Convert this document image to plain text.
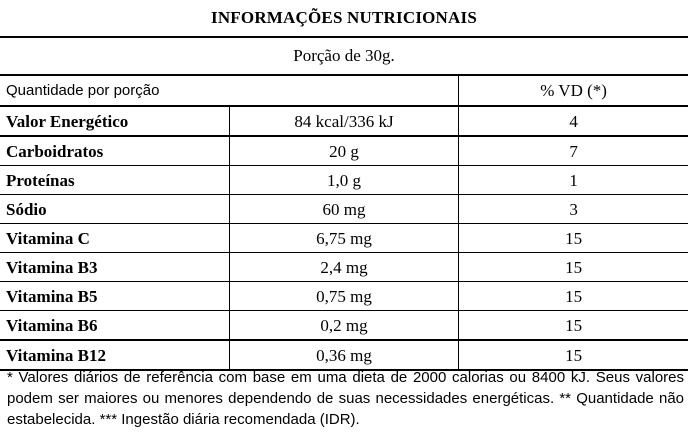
INFORMAÇÕES NUTRICIONAIS
Porção de 30g.
Quantidade por porção		% VD (*)
Valor Energético	84 kcal/336 kJ	4
Carboidratos	20 g	7
Proteínas	1,0 g	1
Sódio	60 mg	3
Vitamina C	6,75 mg	15
Vitamina B3	2,4 mg	15
Vitamina B5	0,75 mg	15
Vitamina B6	0,2 mg	15
Vitamina B12	0,36 mg	15
* Valores diários de referência com base em uma dieta de 2000 calorias ou 8400 kJ. Seus valores podem ser maiores ou menores dependendo de suas necessidades energéticas. ** Quantidade não estabelecida. *** Ingestão diária recomendada (IDR).
